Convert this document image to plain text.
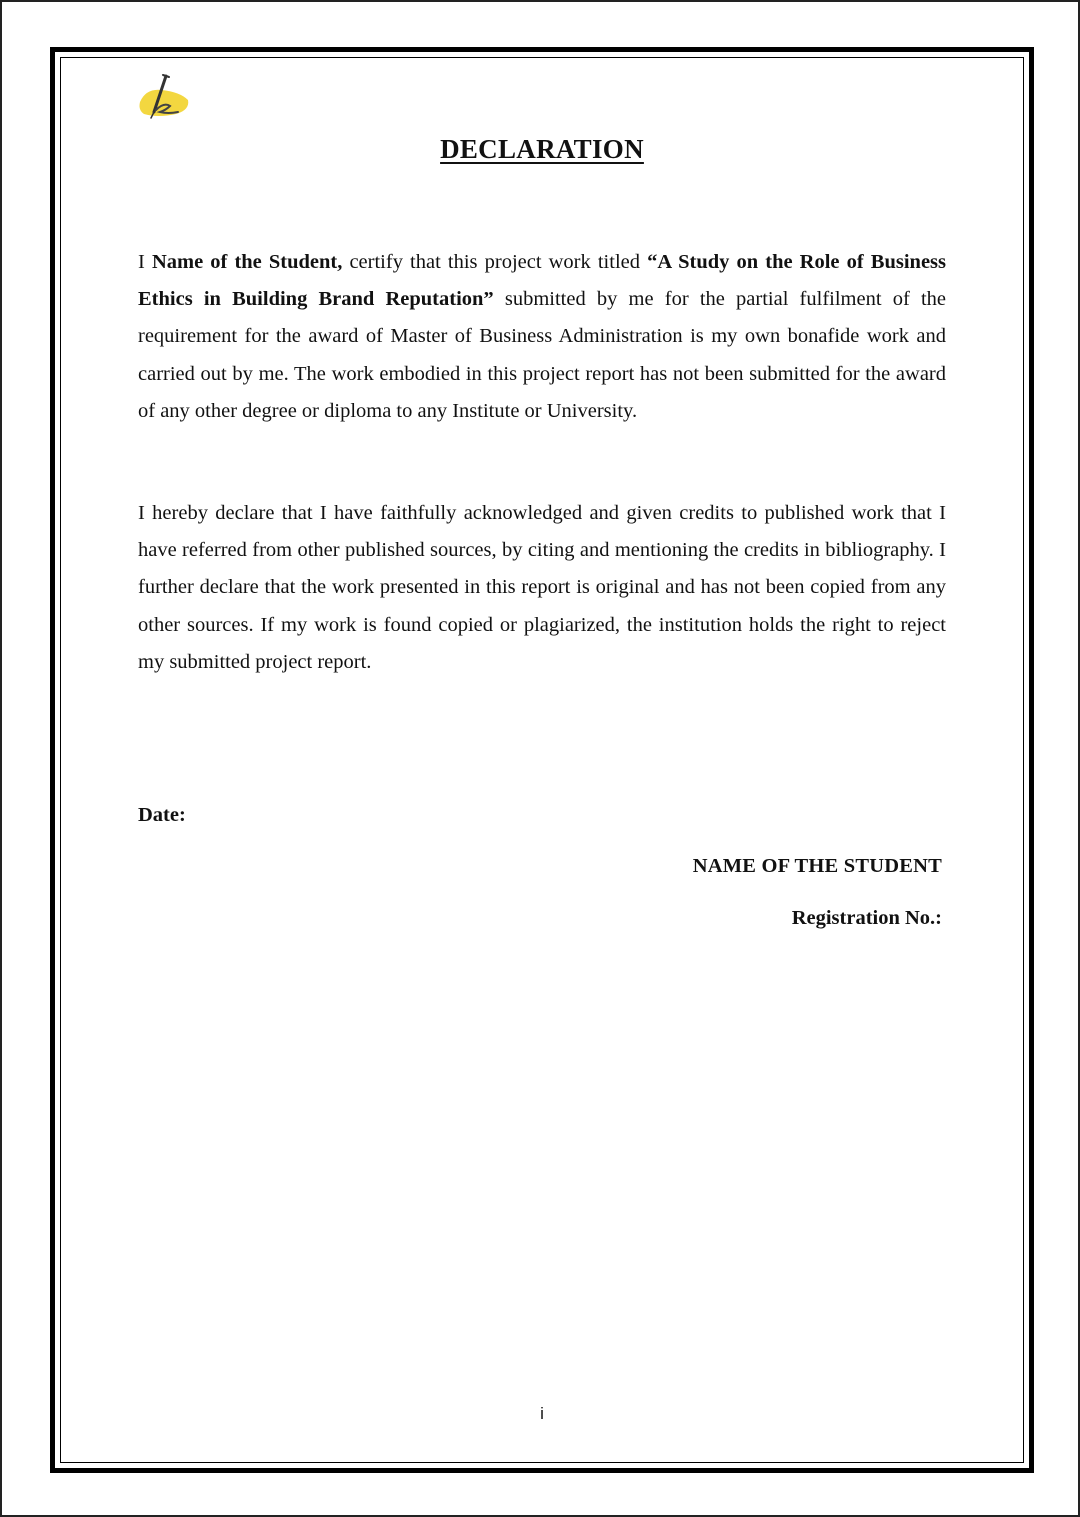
DECLARATION

I Name of the Student, certify that this project work titled “A Study on the Role of Business Ethics in Building Brand Reputation” submitted by me for the partial fulfilment of the requirement for the award of Master of Business Administration is my own bonafide work and carried out by me. The work embodied in this project report has not been submitted for the award of any other degree or diploma to any Institute or University.

I hereby declare that I have faithfully acknowledged and given credits to published work that I have referred from other published sources, by citing and mentioning the credits in bibliography. I further declare that the work presented in this report is original and has not been copied from any other sources. If my work is found copied or plagiarized, the institution holds the right to reject my submitted project report.

Date:
NAME OF THE STUDENT
Registration No.:
i
